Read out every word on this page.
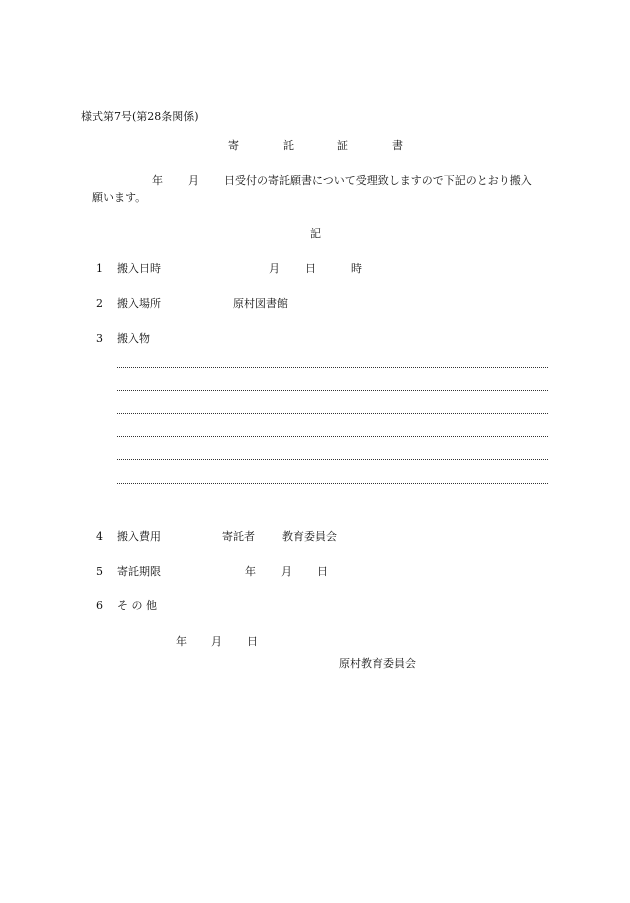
様式第7号(第28条関係)
寄	託	証	書
年 月 日受付の寄託願書について受理致しますので下記のとおり搬入
願います。
記
1 搬入日時	月 日	時
2 搬入場所	原村図書館
3 搬入物
4 搬入費用	寄託者 教育委員会
5 寄託期限	年 月 日
6 そ の 他
年 月 日
原村教育委員会
